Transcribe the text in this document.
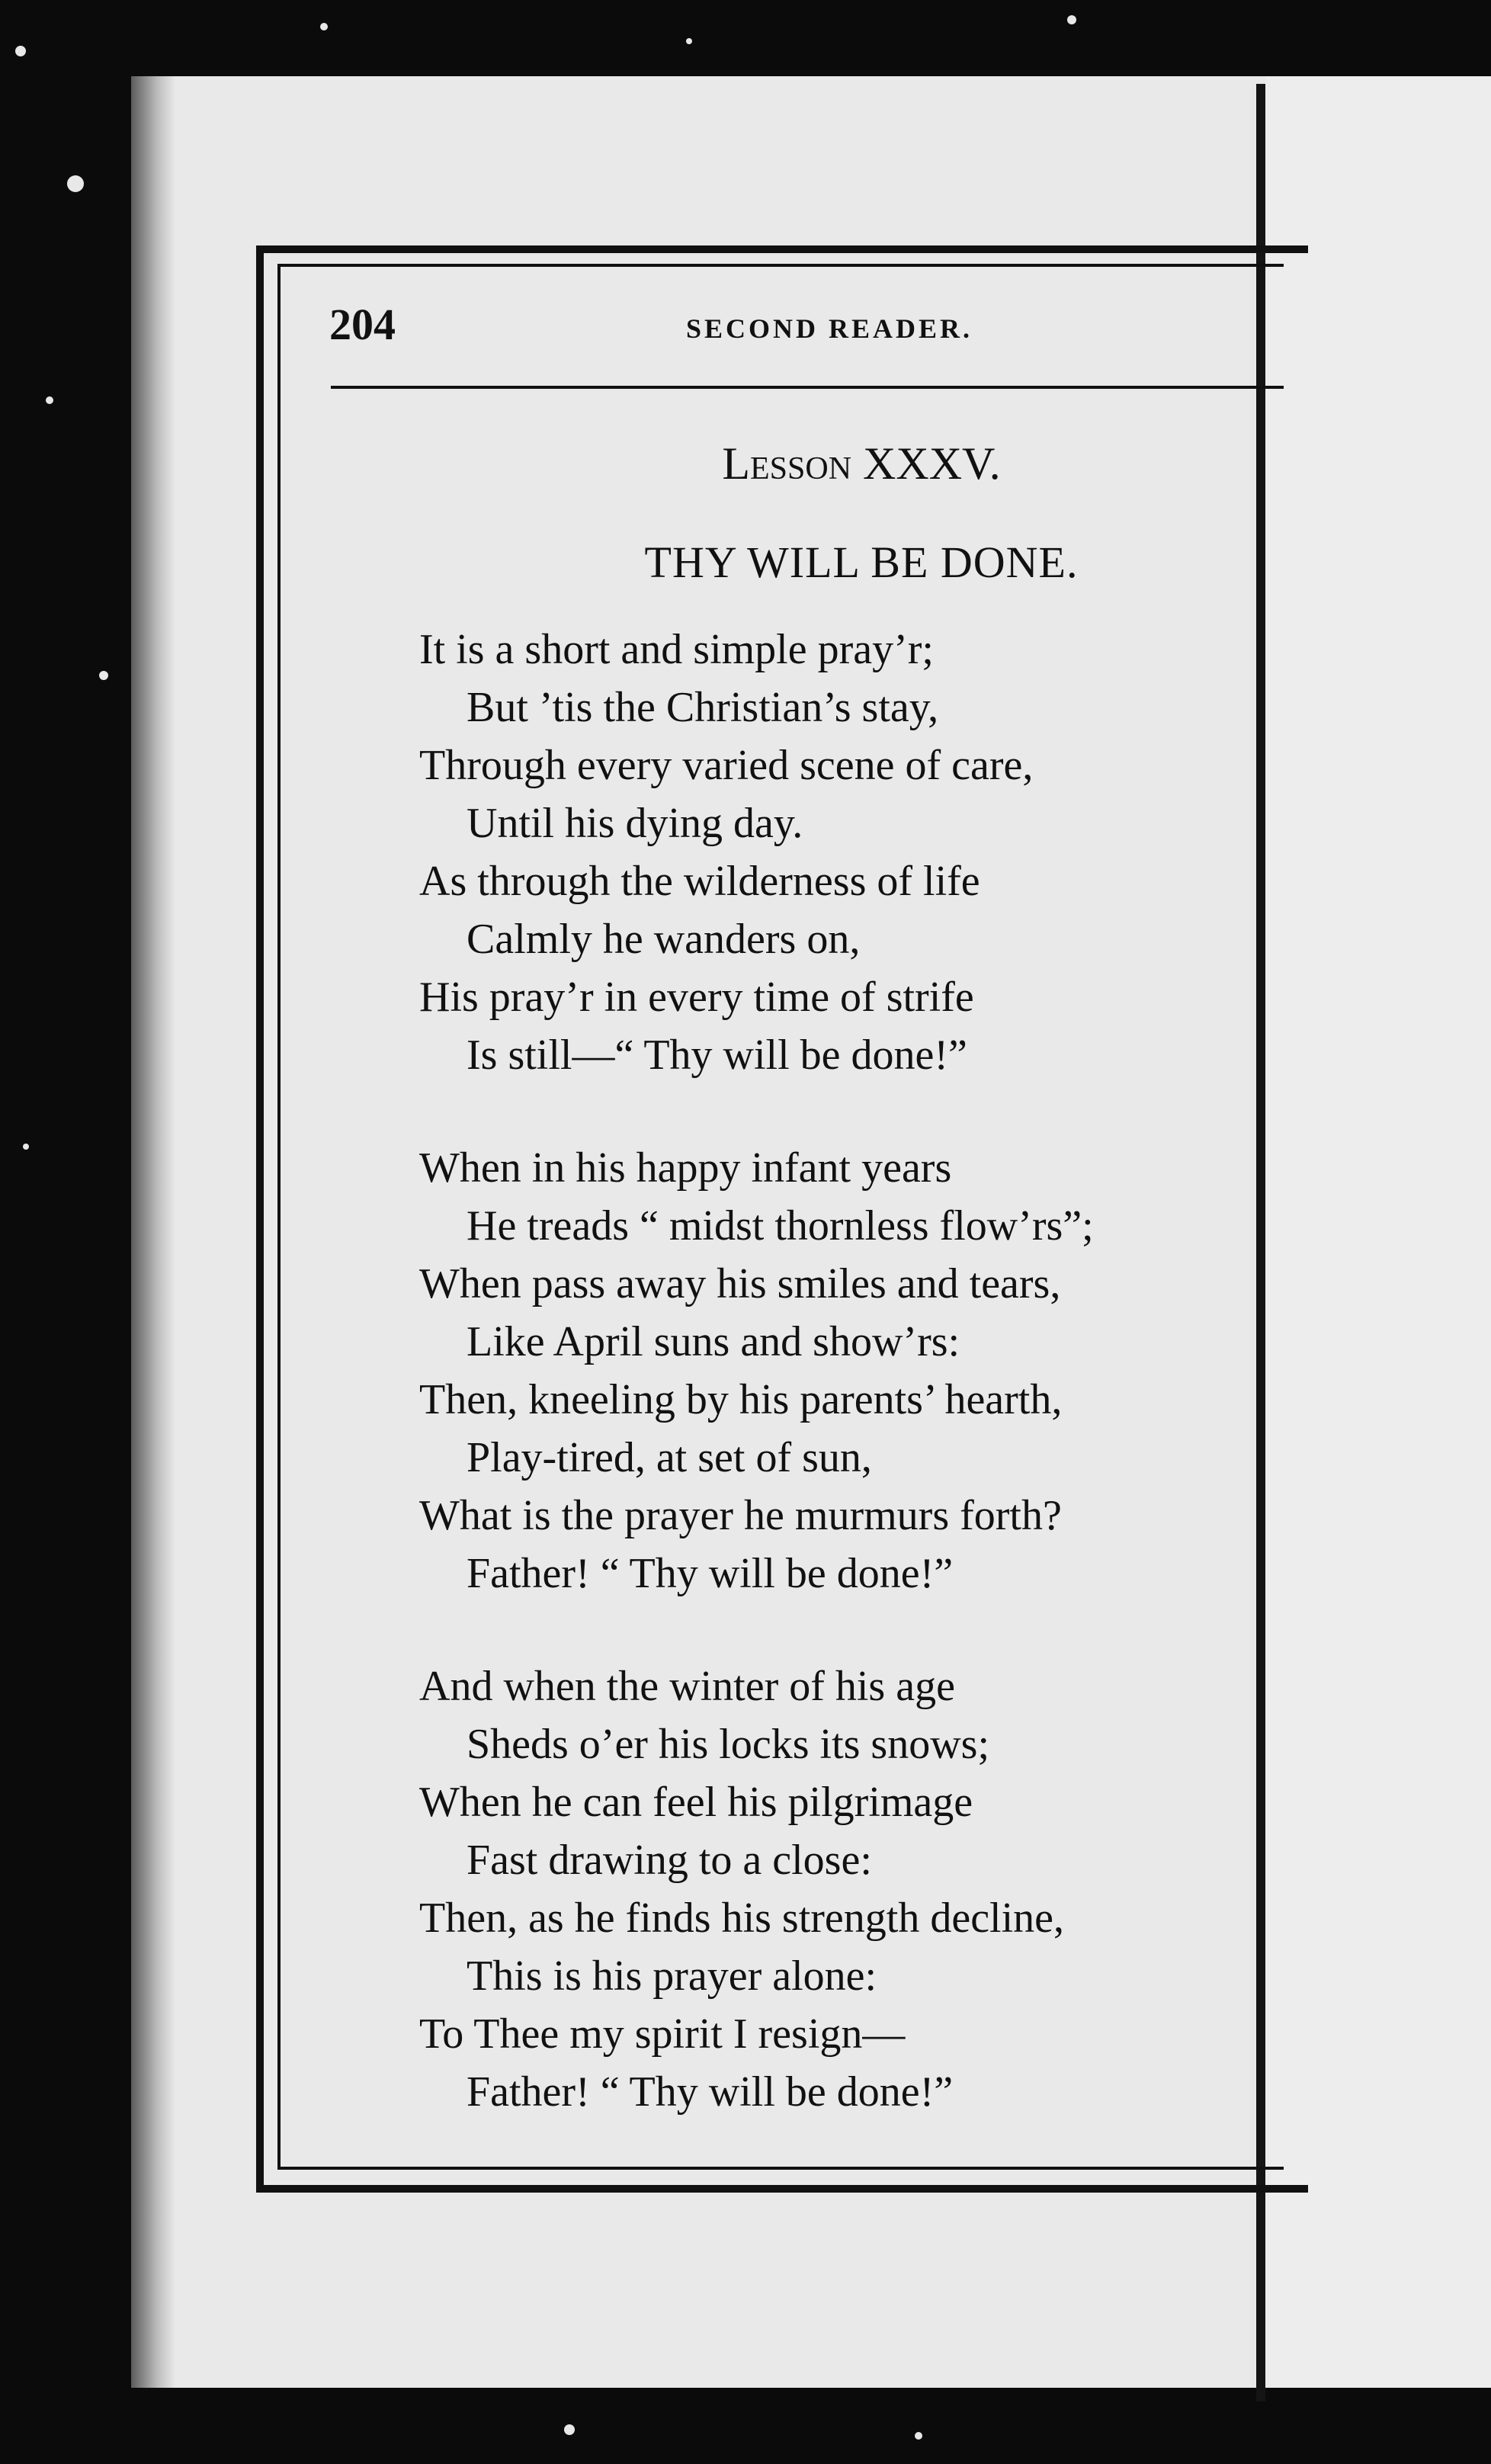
204	SECOND READER.
Lesson XXXV.
THY WILL BE DONE.
It is a short and simple pray’r;
But ’tis the Christian’s stay,
Through every varied scene of care,
Until his dying day.
As through the wilderness of life
Calmly he wanders on,
His pray’r in every time of strife
Is still—“ Thy will be done!”
When in his happy infant years
He treads “ midst thornless flow’rs”;
When pass away his smiles and tears,
Like April suns and show’rs:
Then, kneeling by his parents’ hearth,
Play-tired, at set of sun,
What is the prayer he murmurs forth?
Father! “ Thy will be done!”
And when the winter of his age
Sheds o’er his locks its snows;
When he can feel his pilgrimage
Fast drawing to a close:
Then, as he finds his strength decline,
This is his prayer alone:
To Thee my spirit I resign—
Father! “ Thy will be done!”
